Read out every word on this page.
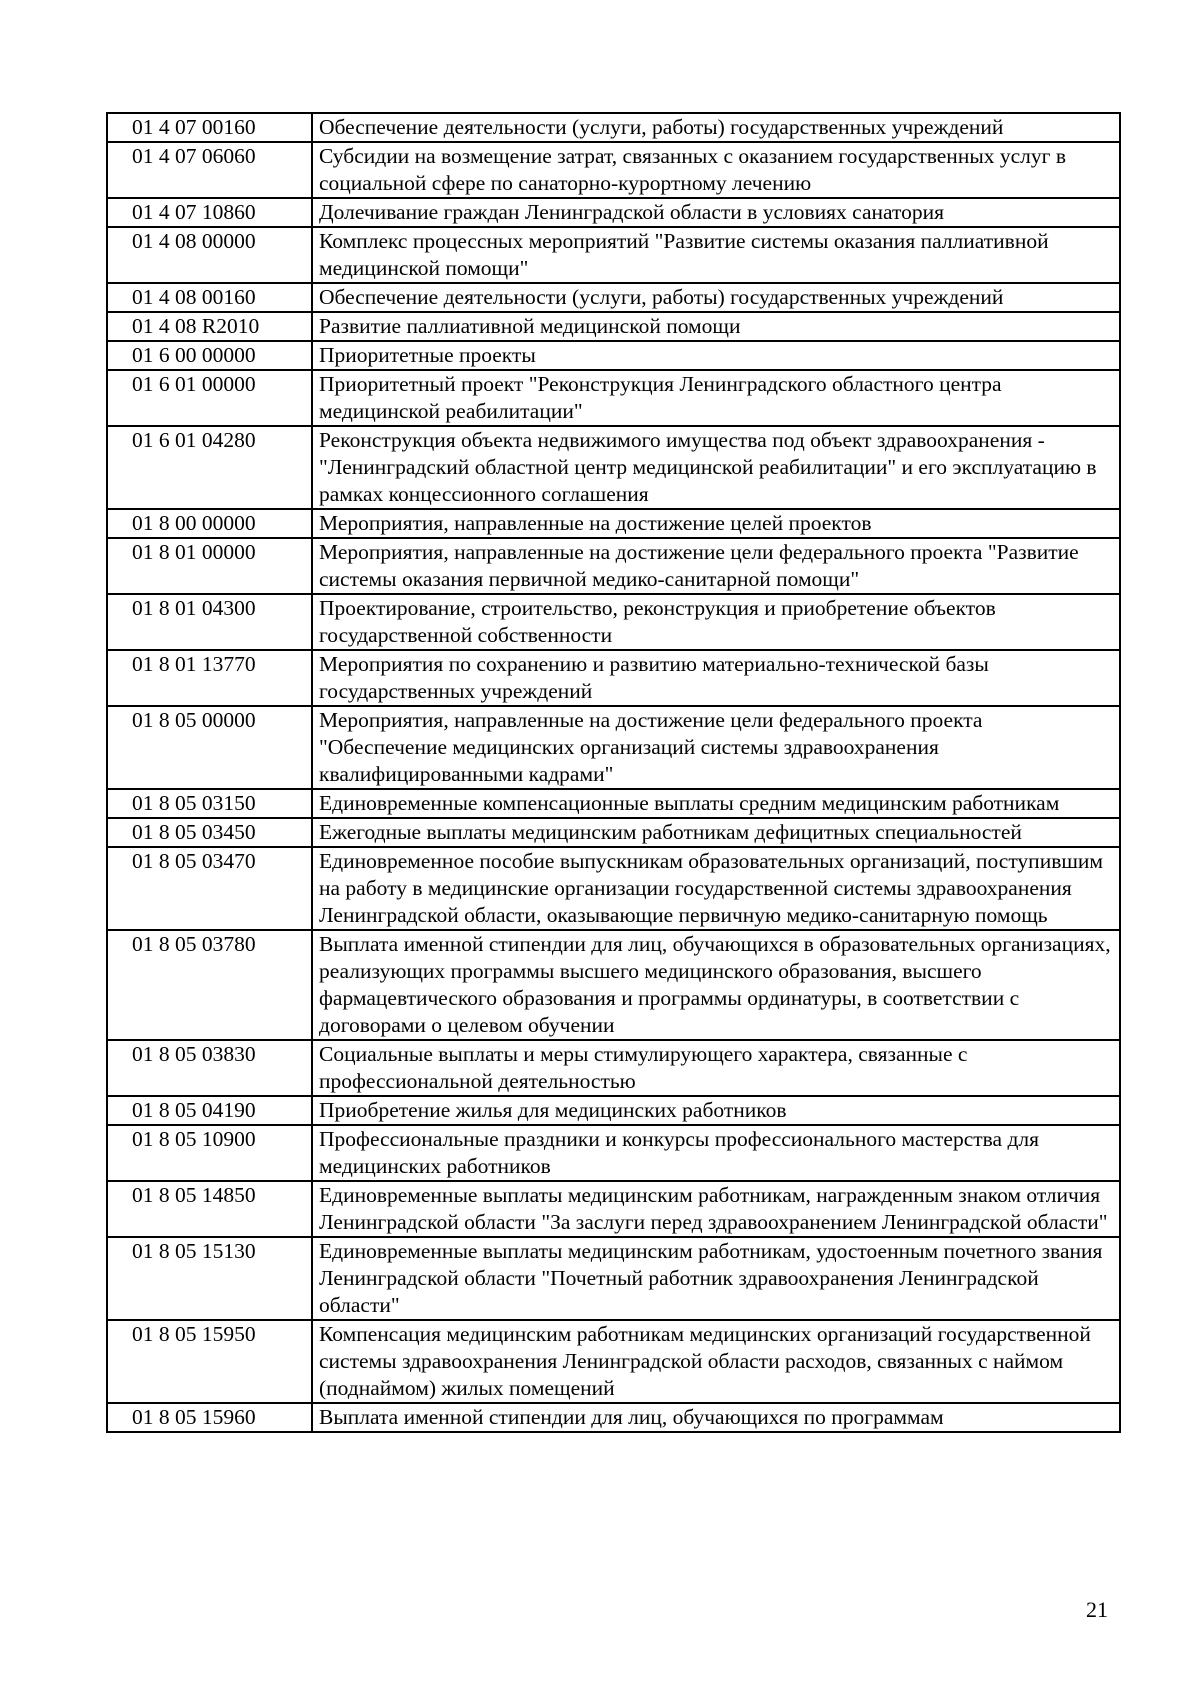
01 4 07 00160	Обеспечение деятельности (услуги, работы) государственных учреждений
01 4 07 06060	Субсидии на возмещение затрат, связанных с оказанием государственных услуг в социальной сфере по санаторно-курортному лечению
01 4 07 10860	Долечивание граждан Ленинградской области в условиях санатория
01 4 08 00000	Комплекс процессных мероприятий "Развитие системы оказания паллиативной медицинской помощи"
01 4 08 00160	Обеспечение деятельности (услуги, работы) государственных учреждений
01 4 08 R2010	Развитие паллиативной медицинской помощи
01 6 00 00000	Приоритетные проекты
01 6 01 00000	Приоритетный проект "Реконструкция Ленинградского областного центра медицинской реабилитации"
01 6 01 04280	Реконструкция объекта недвижимого имущества под объект здравоохранения - "Ленинградский областной центр медицинской реабилитации" и его эксплуатацию в рамках концессионного соглашения
01 8 00 00000	Мероприятия, направленные на достижение целей проектов
01 8 01 00000	Мероприятия, направленные на достижение цели федерального проекта "Развитие системы оказания первичной медико-санитарной помощи"
01 8 01 04300	Проектирование, строительство, реконструкция и приобретение объектов государственной собственности
01 8 01 13770	Мероприятия по сохранению и развитию материально-технической базы государственных учреждений
01 8 05 00000	Мероприятия, направленные на достижение цели федерального проекта "Обеспечение медицинских организаций системы здравоохранения квалифицированными кадрами"
01 8 05 03150	Единовременные компенсационные выплаты средним медицинским работникам
01 8 05 03450	Ежегодные выплаты медицинским работникам дефицитных специальностей
01 8 05 03470	Единовременное пособие выпускникам образовательных организаций, поступившим на работу в медицинские организации государственной системы здравоохранения Ленинградской области, оказывающие первичную медико-санитарную помощь
01 8 05 03780	Выплата именной стипендии для лиц, обучающихся в образовательных организациях, реализующих программы высшего медицинского образования, высшего фармацевтического образования и программы ординатуры, в соответствии с договорами о целевом обучении
01 8 05 03830	Социальные выплаты и меры стимулирующего характера, связанные с профессиональной деятельностью
01 8 05 04190	Приобретение жилья для медицинских работников
01 8 05 10900	Профессиональные праздники и конкурсы профессионального мастерства для медицинских работников
01 8 05 14850	Единовременные выплаты медицинским работникам, награжденным знаком отличия Ленинградской области "За заслуги перед здравоохранением Ленинградской области"
01 8 05 15130	Единовременные выплаты медицинским работникам, удостоенным почетного звания Ленинградской области "Почетный работник здравоохранения Ленинградской области"
01 8 05 15950	Компенсация медицинским работникам медицинских организаций государственной системы здравоохранения Ленинградской области расходов, связанных с наймом (поднаймом) жилых помещений
01 8 05 15960	Выплата именной стипендии для лиц, обучающихся по программам
21
